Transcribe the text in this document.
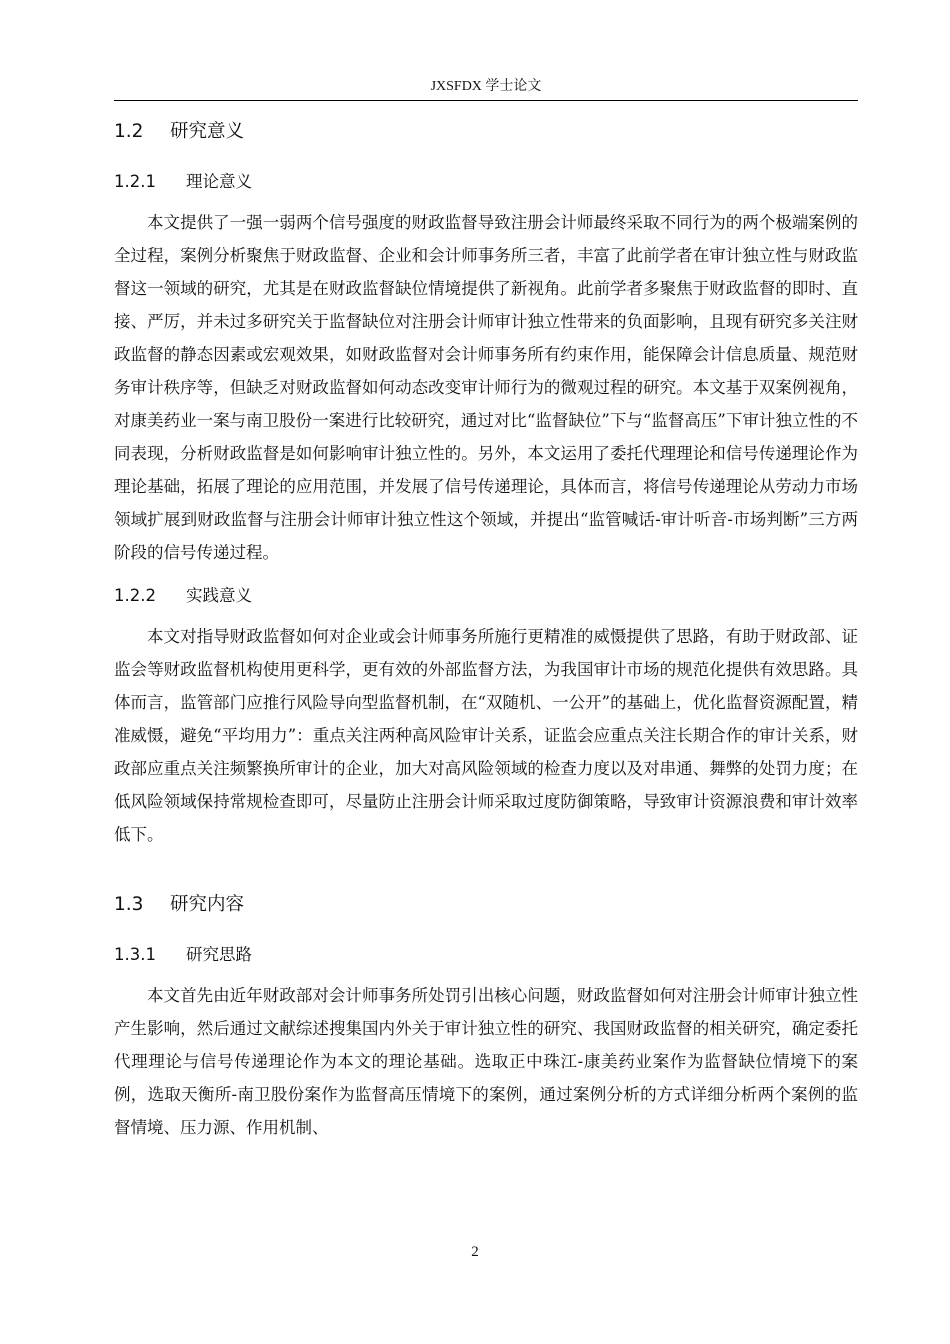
JXSFDX 学士论文
1.2 研究意义
1.2.1 理论意义

本文提供了一强一弱两个信号强度的财政监督导致注册会计师最终采取不同行为的两个极端案例的全过程，案例分析聚焦于财政监督、企业和会计师事务所三者，丰富了此前学者在审计独立性与财政监督这一领域的研究，尤其是在财政监督缺位情境提供了新视角。此前学者多聚焦于财政监督的即时、直接、严厉，并未过多研究关于监督缺位对注册会计师审计独立性带来的负面影响，且现有研究多关注财政监督的静态因素或宏观效果，如财政监督对会计师事务所有约束作用，能保障会计信息质量、规范财务审计秩序等，但缺乏对财政监督如何动态改变审计师行为的微观过程的研究。本文基于双案例视角，对康美药业一案与南卫股份一案进行比较研究，通过对比“监督缺位”下与“监督高压”下审计独立性的不同表现，分析财政监督是如何影响审计独立性的。另外，本文运用了委托代理理论和信号传递理论作为理论基础，拓展了理论的应用范围，并发展了信号传递理论，具体而言，将信号传递理论从劳动力市场领域扩展到财政监督与注册会计师审计独立性这个领域，并提出“监管喊话-审计听音-市场判断”三方两阶段的信号传递过程。

1.2.2 实践意义

本文对指导财政监督如何对企业或会计师事务所施行更精准的威慑提供了思路，有助于财政部、证监会等财政监督机构使用更科学，更有效的外部监督方法，为我国审计市场的规范化提供有效思路。具体而言，监管部门应推行风险导向型监督机制，在“双随机、一公开”的基础上，优化监督资源配置，精准威慑，避免“平均用力”：重点关注两种高风险审计关系，证监会应重点关注长期合作的审计关系，财政部应重点关注频繁换所审计的企业，加大对高风险领域的检查力度以及对串通、舞弊的处罚力度；在低风险领域保持常规检查即可，尽量防止注册会计师采取过度防御策略，导致审计资源浪费和审计效率低下。

1.3 研究内容
1.3.1 研究思路

本文首先由近年财政部对会计师事务所处罚引出核心问题，财政监督如何对注册会计师审计独立性产生影响，然后通过文献综述搜集国内外关于审计独立性的研究、我国财政监督的相关研究，确定委托代理理论与信号传递理论作为本文的理论基础。选取正中珠江-康美药业案作为监督缺位情境下的案例，选取天衡所-南卫股份案作为监督高压情境下的案例，通过案例分析的方式详细分析两个案例的监督情境、压力源、作用机制、

2
